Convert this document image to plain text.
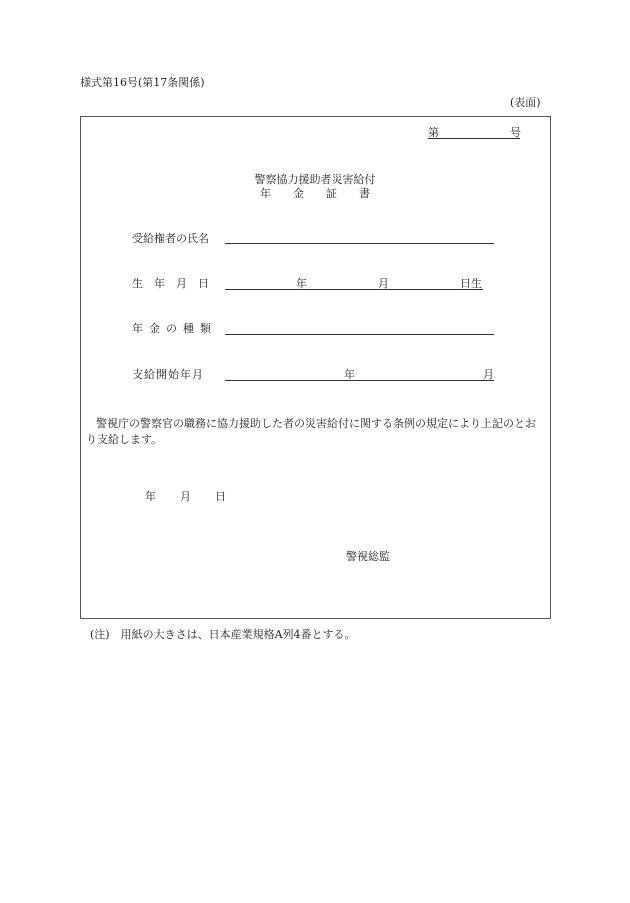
様式第16号(第17条関係)
(表面)
第	号
警察協力援助者災害給付
年 金 証 書
受給権者の氏名
生 年 月 日	年	月	日生
年 金 の 種 類
支給開始年月	年	月
警視庁の警察官の職務に協力援助した者の災害給付に関する条例の規定により上記のとおり支給します。
年 月 日
警視総監
(注)　用紙の大きさは、日本産業規格A列4番とする。
